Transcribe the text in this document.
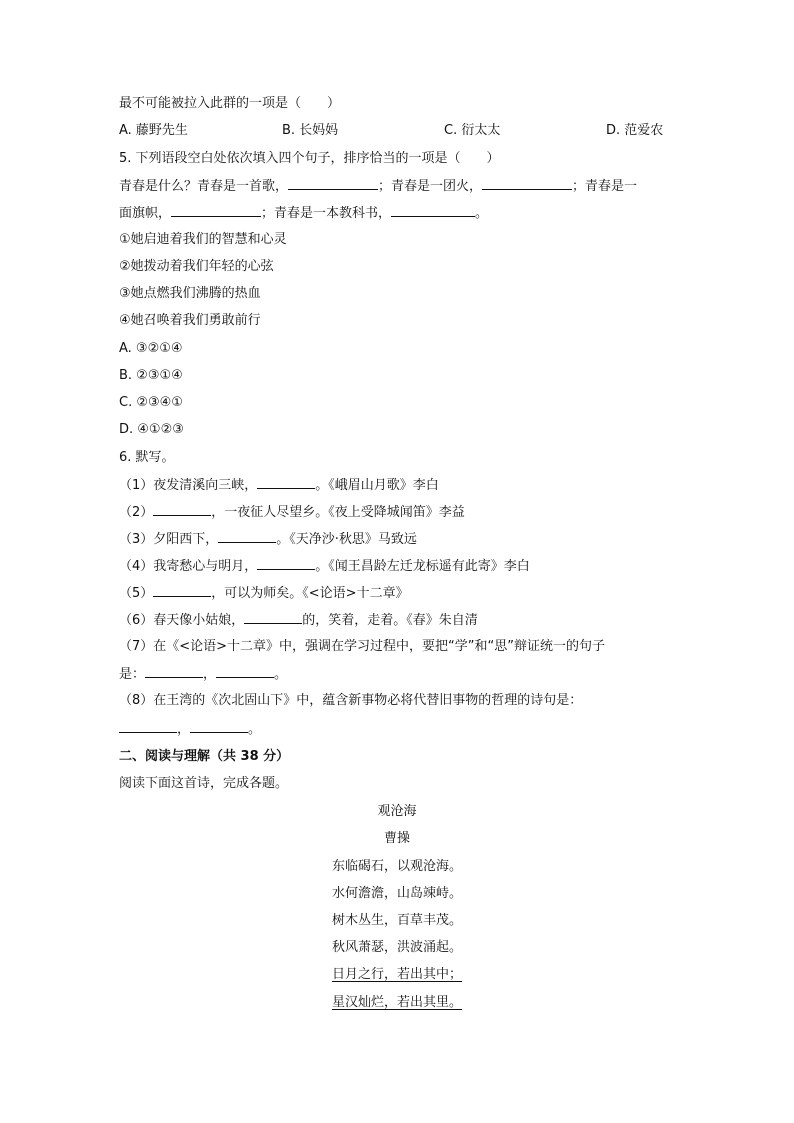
最不可能被拉入此群的一项是（　　）
A. 藤野先生	B. 长妈妈	C. 衍太太	D. 范爱农
5. 下列语段空白处依次填入四个句子，排序恰当的一项是（　　）
青春是什么？青春是一首歌，	；青春是一团火，	；青春是一
面旗帜，	；青春是一本教科书，	。
①她启迪着我们的智慧和心灵
②她拨动着我们年轻的心弦
③她点燃我们沸腾的热血
④她召唤着我们勇敢前行
A. ③②①④
B. ②③①④
C. ②③④①
D. ④①②③
6. 默写。
（1）夜发清溪向三峡，	。《峨眉山月歌》李白
（2）	，一夜征人尽望乡。《夜上受降城闻笛》李益
（3）夕阳西下，	。《天净沙·秋思》马致远
（4）我寄愁心与明月，	。《闻王昌龄左迁龙标遥有此寄》李白
（5）	，可以为师矣。《<论语>十二章》
（6）春天像小姑娘，	的，笑着，走着。《春》朱自清
（7）在《<论语>十二章》中，强调在学习过程中，要把“学”和“思”辩证统一的句子
是：	，	。
（8）在王湾的《次北固山下》中，蕴含新事物必将代替旧事物的哲理的诗句是：
，	。
二、阅读与理解（共 38 分）
阅读下面这首诗，完成各题。
观沧海
曹操
东临碣石，以观沧海。
水何澹澹，山岛竦峙。
树木丛生，百草丰茂。
秋风萧瑟，洪波涌起。
日月之行，若出其中；
星汉灿烂，若出其里。
